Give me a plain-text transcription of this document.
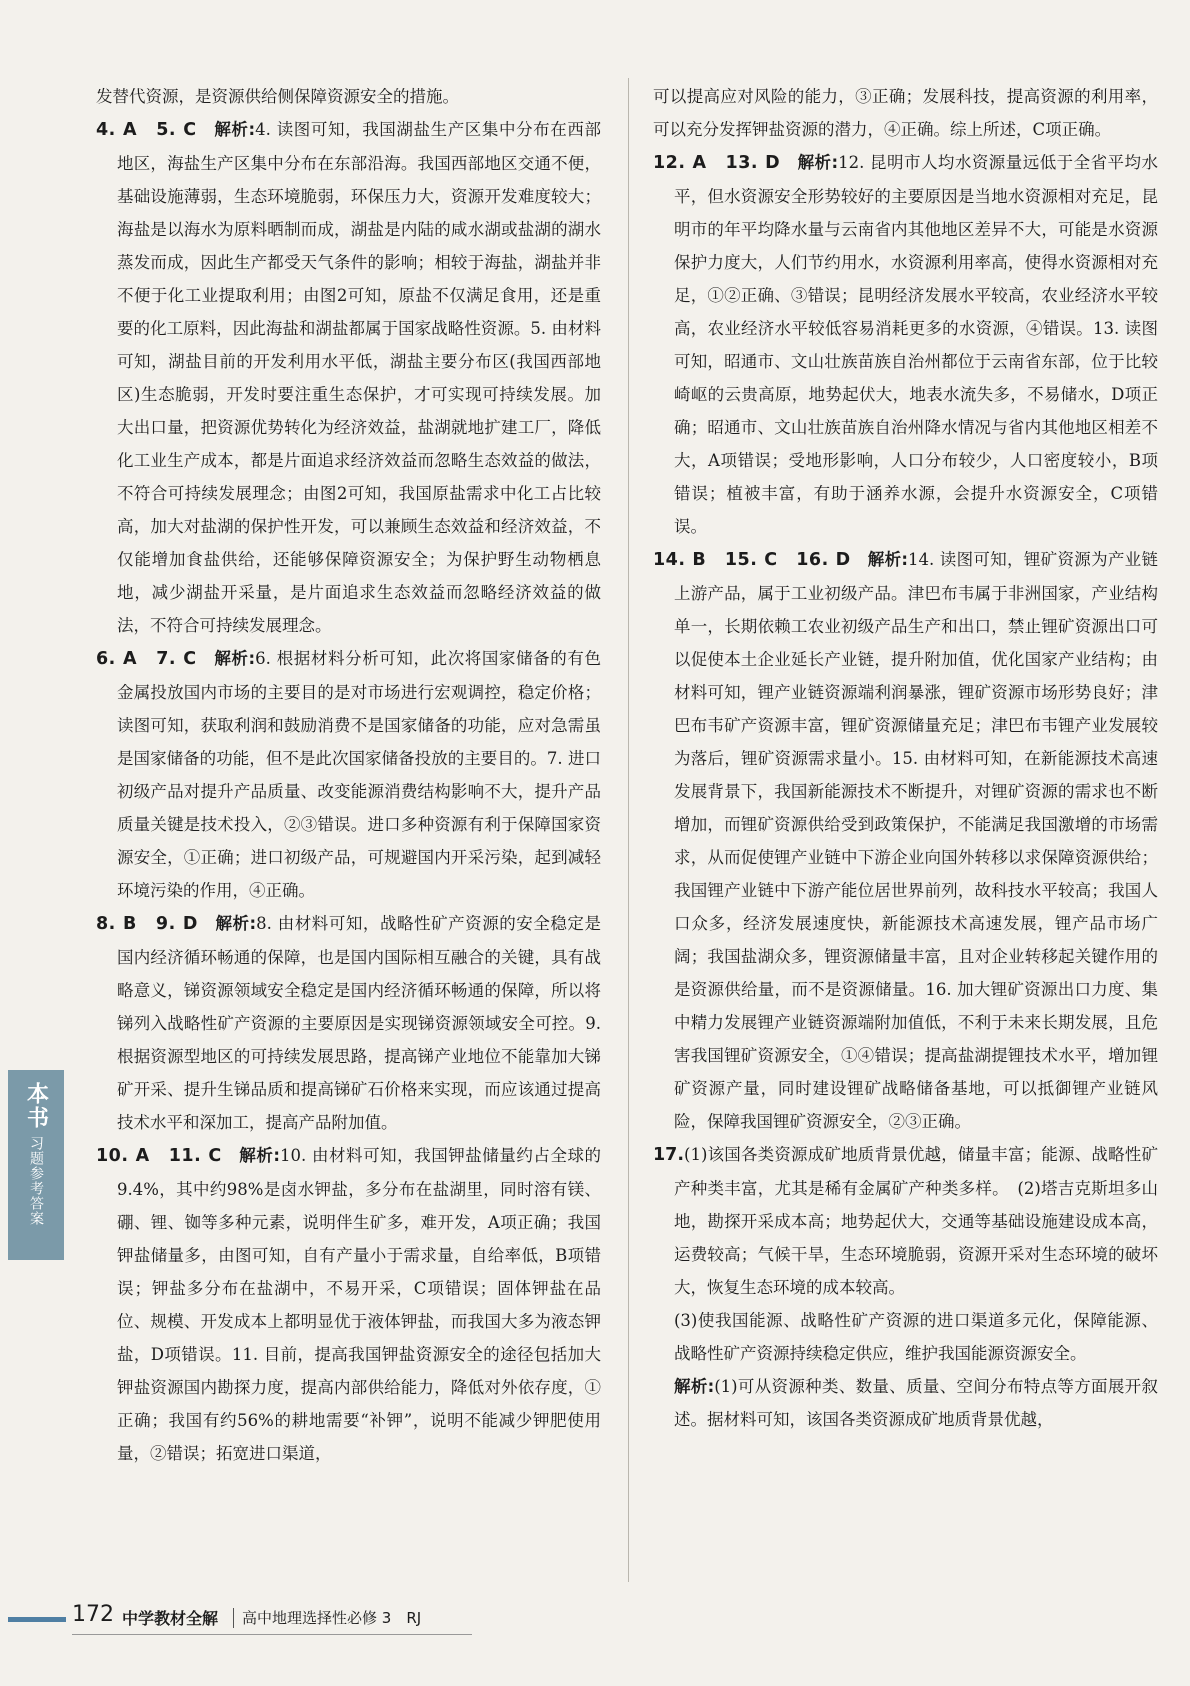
发替代资源，是资源供给侧保障资源安全的措施。

4. A　5. C　 解析:4. 读图可知，我国湖盐生产区集中分布在西部地区，海盐生产区集中分布在东部沿海。我国西部地区交通不便，基础设施薄弱，生态环境脆弱，环保压力大，资源开发难度较大；海盐是以海水为原料晒制而成，湖盐是内陆的咸水湖或盐湖的湖水蒸发而成，因此生产都受天气条件的影响；相较于海盐，湖盐并非不便于化工业提取利用；由图2可知，原盐不仅满足食用，还是重要的化工原料，因此海盐和湖盐都属于国家战略性资源。5. 由材料可知，湖盐目前的开发利用水平低，湖盐主要分布区(我国西部地区)生态脆弱，开发时要注重生态保护，才可实现可持续发展。加大出口量，把资源优势转化为经济效益，盐湖就地扩建工厂，降低化工业生产成本，都是片面追求经济效益而忽略生态效益的做法，不符合可持续发展理念；由图2可知，我国原盐需求中化工占比较高，加大对盐湖的保护性开发，可以兼顾生态效益和经济效益，不仅能增加食盐供给，还能够保障资源安全；为保护野生动物栖息地，减少湖盐开采量，是片面追求生态效益而忽略经济效益的做法，不符合可持续发展理念。

6. A　7. C　 解析:6. 根据材料分析可知，此次将国家储备的有色金属投放国内市场的主要目的是对市场进行宏观调控，稳定价格；读图可知，获取利润和鼓励消费不是国家储备的功能，应对急需虽是国家储备的功能，但不是此次国家储备投放的主要目的。7. 进口初级产品对提升产品质量、改变能源消费结构影响不大，提升产品质量关键是技术投入，②③错误。进口多种资源有利于保障国家资源安全，①正确；进口初级产品，可规避国内开采污染，起到减轻环境污染的作用，④正确。

8. B　9. D　 解析:8. 由材料可知，战略性矿产资源的安全稳定是国内经济循环畅通的保障，也是国内国际相互融合的关键，具有战略意义，锑资源领域安全稳定是国内经济循环畅通的保障，所以将锑列入战略性矿产资源的主要原因是实现锑资源领域安全可控。9. 根据资源型地区的可持续发展思路，提高锑产业地位不能靠加大锑矿开采、提升生锑品质和提高锑矿石价格来实现，而应该通过提高技术水平和深加工，提高产品附加值。

10. A　11. C　 解析:10. 由材料可知，我国钾盐储量约占全球的9.4%，其中约98%是卤水钾盐，多分布在盐湖里，同时溶有镁、硼、锂、铷等多种元素，说明伴生矿多，难开发，A项正确；我国钾盐储量多，由图可知，自有产量小于需求量，自给率低，B项错误；钾盐多分布在盐湖中，不易开采，C项错误；固体钾盐在品位、规模、开发成本上都明显优于液体钾盐，而我国大多为液态钾盐，D项错误。11. 目前，提高我国钾盐资源安全的途径包括加大钾盐资源国内勘探力度，提高内部供给能力，降低对外依存度，①正确；我国有约56%的耕地需要“补钾”，说明不能减少钾肥使用量，②错误；拓宽进口渠道，

可以提高应对风险的能力，③正确；发展科技，提高资源的利用率，可以充分发挥钾盐资源的潜力，④正确。综上所述，C项正确。

12. A　13. D　 解析:12. 昆明市人均水资源量远低于全省平均水平，但水资源安全形势较好的主要原因是当地水资源相对充足，昆明市的年平均降水量与云南省内其他地区差异不大，可能是水资源保护力度大，人们节约用水，水资源利用率高，使得水资源相对充足，①②正确、③错误；昆明经济发展水平较高，农业经济水平较高，农业经济水平较低容易消耗更多的水资源，④错误。13. 读图可知，昭通市、文山壮族苗族自治州都位于云南省东部，位于比较崎岖的云贵高原，地势起伏大，地表水流失多，不易储水，D项正确；昭通市、文山壮族苗族自治州降水情况与省内其他地区相差不大，A项错误；受地形影响，人口分布较少，人口密度较小，B项错误；植被丰富，有助于涵养水源，会提升水资源安全，C项错误。

14. B　15. C　16. D　 解析:14. 读图可知，锂矿资源为产业链上游产品，属于工业初级产品。津巴布韦属于非洲国家，产业结构单一，长期依赖工农业初级产品生产和出口，禁止锂矿资源出口可以促使本土企业延长产业链，提升附加值，优化国家产业结构；由材料可知，锂产业链资源端利润暴涨，锂矿资源市场形势良好；津巴布韦矿产资源丰富，锂矿资源储量充足；津巴布韦锂产业发展较为落后，锂矿资源需求量小。15. 由材料可知，在新能源技术高速发展背景下，我国新能源技术不断提升，对锂矿资源的需求也不断增加，而锂矿资源供给受到政策保护，不能满足我国激增的市场需求，从而促使锂产业链中下游企业向国外转移以求保障资源供给；我国锂产业链中下游产能位居世界前列，故科技水平较高；我国人口众多，经济发展速度快，新能源技术高速发展，锂产品市场广阔；我国盐湖众多，锂资源储量丰富，且对企业转移起关键作用的是资源供给量，而不是资源储量。16. 加大锂矿资源出口力度、集中精力发展锂产业链资源端附加值低，不利于未来长期发展，且危害我国锂矿资源安全，①④错误；提高盐湖提锂技术水平，增加锂矿资源产量，同时建设锂矿战略储备基地，可以抵御锂产业链风险，保障我国锂矿资源安全，②③正确。

17.(1)该国各类资源成矿地质背景优越，储量丰富；能源、战略性矿产种类丰富，尤其是稀有金属矿产种类多样。　 (2)塔吉克斯坦多山地，勘探开采成本高；地势起伏大，交通等基础设施建设成本高，运费较高；气候干旱，生态环境脆弱，资源开采对生态环境的破坏大，恢复生态环境的成本较高。

(3)使我国能源、战略性矿产资源的进口渠道多元化，保障能源、战略性矿产资源持续稳定供应，维护我国能源资源安全。

解析:(1)可从资源种类、数量、质量、空间分布特点等方面展开叙述。据材料可知，该国各类资源成矿地质背景优越，

本书
习题参考答案
172 中学教材全解 高中地理选择性必修 3　RJ
